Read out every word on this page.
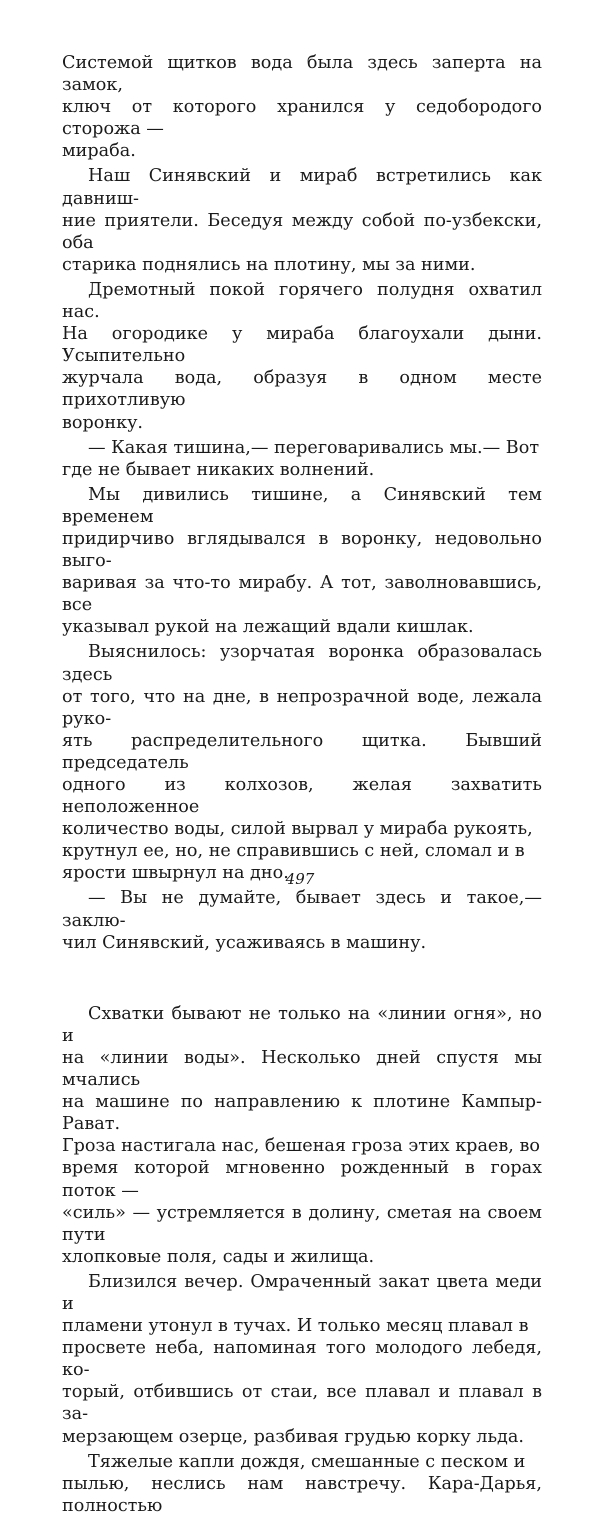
Системой щитков вода была здесь заперта на замок,
ключ от которого хранился у седобородого сторожа —
мираба.

Наш Синявский и мираб встретились как давниш-
ние приятели. Беседуя между собой по-узбекски, оба
старика поднялись на плотину, мы за ними.

Дремотный покой горячего полудня охватил нас.
На огородике у мираба благоухали дыни. Усыпительно
журчала вода, образуя в одном месте прихотливую
воронку.

— Какая тишина,— переговаривались мы.— Вот
где не бывает никаких волнений.

Мы дивились тишине, а Синявский тем временем
придирчиво вглядывался в воронку, недовольно выго-
варивая за что-то мирабу. А тот, заволновавшись, все
указывал рукой на лежащий вдали кишлак.

Выяснилось: узорчатая воронка образовалась здесь
от того, что на дне, в непрозрачной воде, лежала руко-
ять распределительного щитка. Бывший председатель
одного из колхозов, желая захватить неположенное
количество воды, силой вырвал у мираба рукоять,
крутнул ее, но, не справившись с ней, сломал и в
ярости швырнул на дно.

— Вы не думайте, бывает здесь и такое,— заклю-
чил Синявский, усаживаясь в машину.

Схватки бывают не только на «линии огня», но и
на «линии воды». Несколько дней спустя мы мчались
на машине по направлению к плотине Кампыр-Рават.
Гроза настигала нас, бешеная гроза этих краев, во
время которой мгновенно рожденный в горах поток —
«силь» — устремляется в долину, сметая на своем пути
хлопковые поля, сады и жилища.

Близился вечер. Омраченный закат цвета меди и
пламени утонул в тучах. И только месяц плавал в
просвете неба, напоминая того молодого лебедя, ко-
торый, отбившись от стаи, все плавал и плавал в за-
мерзающем озерце, разбивая грудью корку льда.

Тяжелые капли дождя, смешанные с песком и
пылью, неслись нам навстречу. Кара-Дарья, полностью

497
